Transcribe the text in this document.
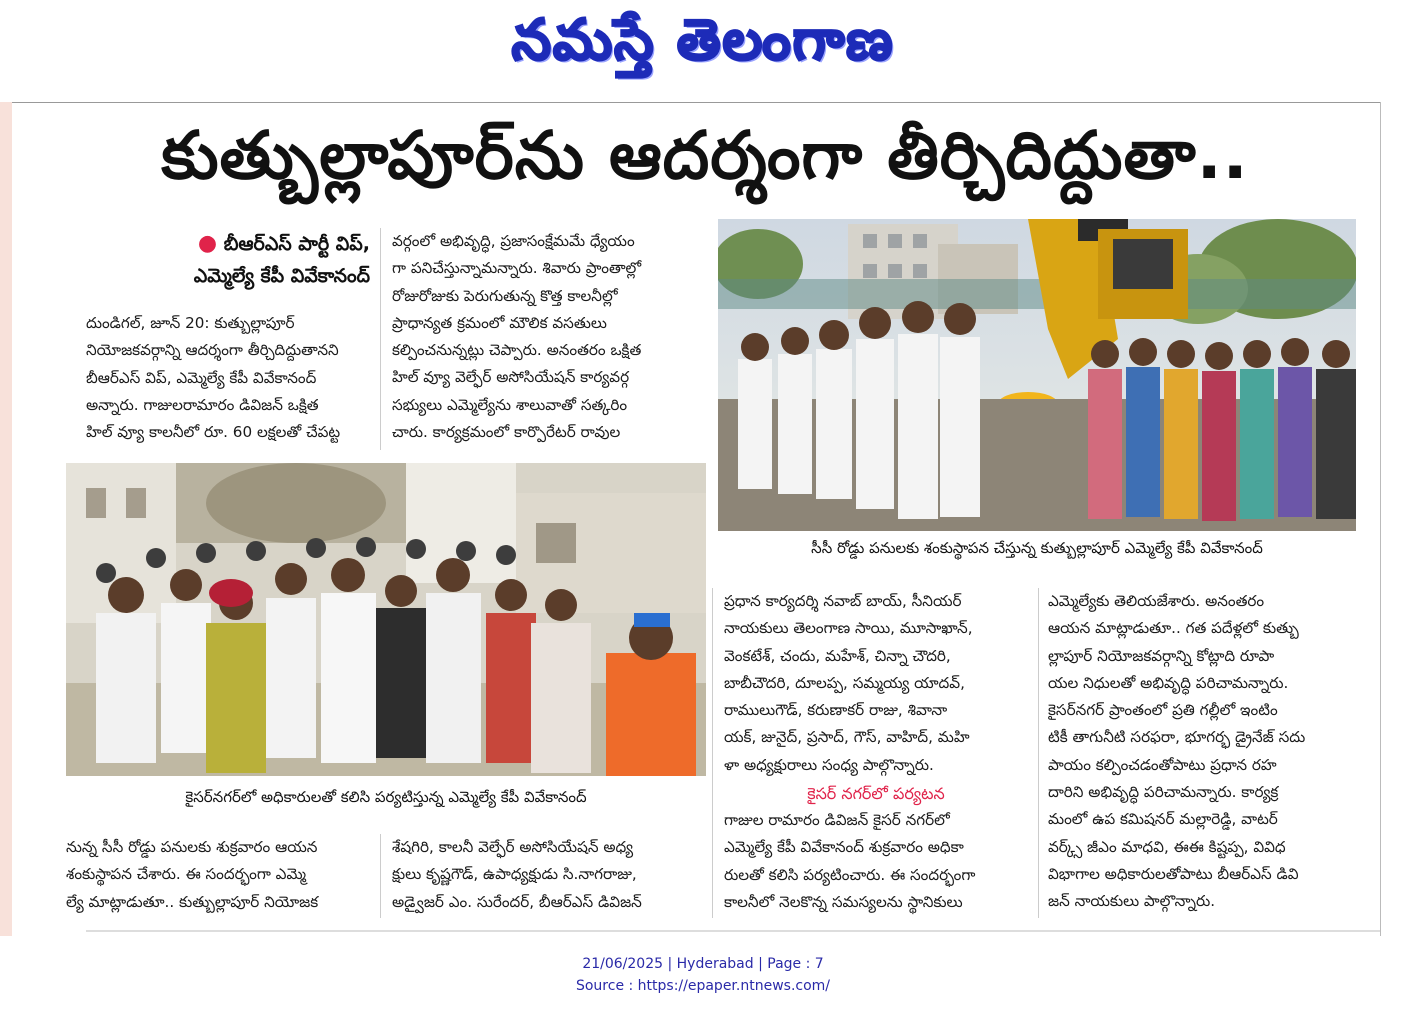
నమస్తే తెలంగాణ
కుత్బుల్లాపూర్‌ను ఆదర్శంగా తీర్చిదిద్దుతా..
● బీఆర్‌ఎస్ పార్టీ విప్,
ఎమ్మెల్యే కేపీ వివేకానంద్
దుండిగల్, జూన్ 20: కుత్బుల్లాపూర్
నియోజకవర్గాన్ని ఆదర్శంగా తీర్చిదిద్దుతానని
బీఆర్‌ఎస్ విప్, ఎమ్మెల్యే కేపీ వివేకానంద్
అన్నారు. గాజులరామారం డివిజన్ ఒక్షిత
హిల్ వ్యూ కాలనీలో రూ. 60 లక్షలతో చేపట్ట
వర్గంలో అభివృద్ధి, ప్రజాసంక్షేమమే ధ్యేయం
గా పనిచేస్తున్నామన్నారు. శివారు ప్రాంతాల్లో
రోజురోజుకు పెరుగుతున్న కొత్త కాలనీల్లో
ప్రాధాన్యత క్రమంలో మౌలిక వసతులు
కల్పించనున్నట్లు చెప్పారు. అనంతరం ఒక్షిత
హిల్ వ్యూ వెల్ఫేర్ అసోసియేషన్ కార్యవర్గ
సభ్యులు ఎమ్మెల్యేను శాలువాతో సత్కరిం
చారు. కార్యక్రమంలో కార్పొరేటర్ రావుల
ప్రధాన కార్యదర్శి నవాబ్ బాయ్, సీనియర్
నాయకులు తెలంగాణ సాయి, మూసాఖాన్,
వెంకటేశ్, చందు, మహేశ్, చిన్నా చౌదరి,
బాబీచౌదరి, దూలప్ప, సమ్మయ్య యాదవ్,
రాములుగౌడ్, కరుణాకర్ రాజు, శివానా
యక్, జునైద్, ప్రసాద్, గౌస్, వాహిద్, మహి
ళా అధ్యక్షురాలు సంధ్య పాల్గొన్నారు.
ఎమ్మెల్యేకు తెలియజేశారు. అనంతరం
ఆయన మాట్లాడుతూ.. గత పదేళ్లలో కుత్బు
ల్లాపూర్ నియోజకవర్గాన్ని కోట్లాది రూపా
యల నిధులతో అభివృద్ధి పరిచామన్నారు.
కైసర్‌నగర్ ప్రాంతంలో ప్రతి గల్లీలో ఇంటిం
టికీ తాగునీటి సరఫరా, భూగర్భ డ్రైనేజ్ సదు
పాయం కల్పించడంతోపాటు ప్రధాన రహ
దారిని అభివృద్ధి పరిచామన్నారు. కార్యక్ర
మంలో ఉప కమిషనర్ మల్లారెడ్డి, వాటర్
వర్క్స్ జీఎం మాధవి, ఈఈ కిష్టప్ప, వివిధ
విభాగాల అధికారులతోపాటు బీఆర్‌ఎస్ డివి
జన్ నాయకులు పాల్గొన్నారు.
నున్న సీసీ రోడ్డు పనులకు శుక్రవారం ఆయన
శంకుస్థాపన చేశారు. ఈ సందర్భంగా ఎమ్మె
ల్యే మాట్లాడుతూ.. కుత్బుల్లాపూర్ నియోజక
శేషగిరి, కాలనీ వెల్ఫేర్ అసోసియేషన్ అధ్య
క్షులు కృష్ణగౌడ్, ఉపాధ్యక్షుడు సి.నాగరాజు,
అడ్వైజర్ ఎం. సురేందర్, బీఆర్‌ఎస్ డివిజన్
గాజుల రామారం డివిజన్ కైసర్ నగర్‌లో
ఎమ్మెల్యే కేపీ వివేకానంద్ శుక్రవారం అధికా
రులతో కలిసి పర్యటించారు. ఈ సందర్భంగా
కాలనీలో నెలకొన్న సమస్యలను స్థానికులు
సీసీ రోడ్డు పనులకు శంకుస్థాపన చేస్తున్న కుత్బుల్లాపూర్ ఎమ్మెల్యే కేపీ వివేకానంద్
కైసర్‌నగర్‌లో అధికారులతో కలిసి పర్యటిస్తున్న ఎమ్మెల్యే కేపీ వివేకానంద్	కైసర్ నగర్‌లో పర్యటన
21/06/2025 | Hyderabad | Page : 7
Source : https://epaper.ntnews.com/
